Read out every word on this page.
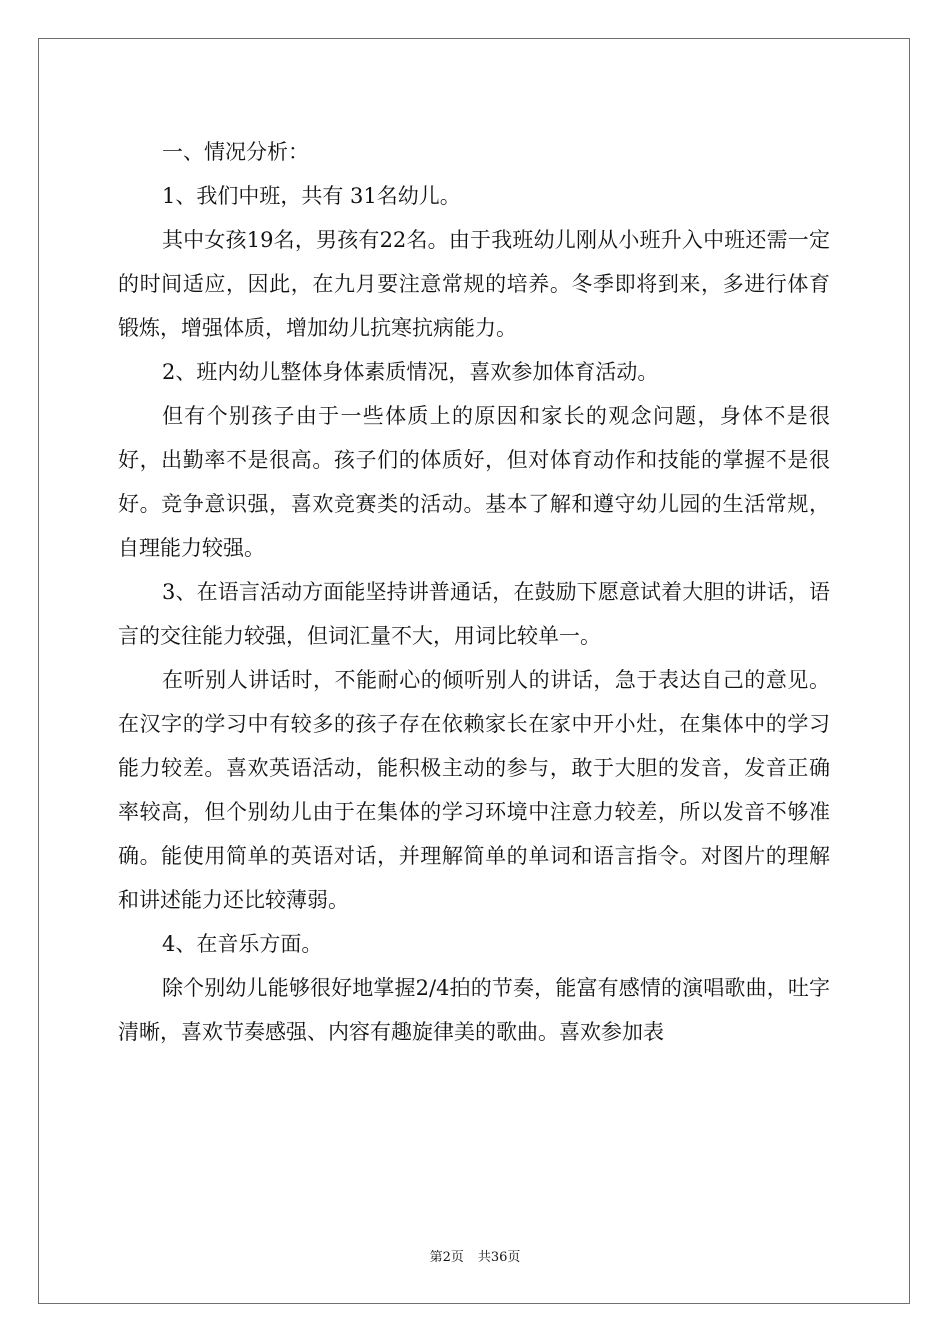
一、情况分析：

1、我们中班，共有 31名幼儿。

其中女孩19名，男孩有22名。由于我班幼儿刚从小班升入中班还需一定的时间适应，因此，在九月要注意常规的培养。冬季即将到来，多进行体育锻炼，增强体质，增加幼儿抗寒抗病能力。

2、班内幼儿整体身体素质情况，喜欢参加体育活动。

但有个别孩子由于一些体质上的原因和家长的观念问题，身体不是很好，出勤率不是很高。孩子们的体质好，但对体育动作和技能的掌握不是很好。竞争意识强，喜欢竞赛类的活动。基本了解和遵守幼儿园的生活常规，自理能力较强。

3、在语言活动方面能坚持讲普通话，在鼓励下愿意试着大胆的讲话，语言的交往能力较强，但词汇量不大，用词比较单一。

在听别人讲话时，不能耐心的倾听别人的讲话，急于表达自己的意见。在汉字的学习中有较多的孩子存在依赖家长在家中开小灶，在集体中的学习能力较差。喜欢英语活动，能积极主动的参与，敢于大胆的发音，发音正确率较高，但个别幼儿由于在集体的学习环境中注意力较差，所以发音不够准确。能使用简单的英语对话，并理解简单的单词和语言指令。对图片的理解和讲述能力还比较薄弱。

4、在音乐方面。

除个别幼儿能够很好地掌握2/4拍的节奏，能富有感情的演唱歌曲，吐字清晰，喜欢节奏感强、内容有趣旋律美的歌曲。喜欢参加表

第2页 共36页
